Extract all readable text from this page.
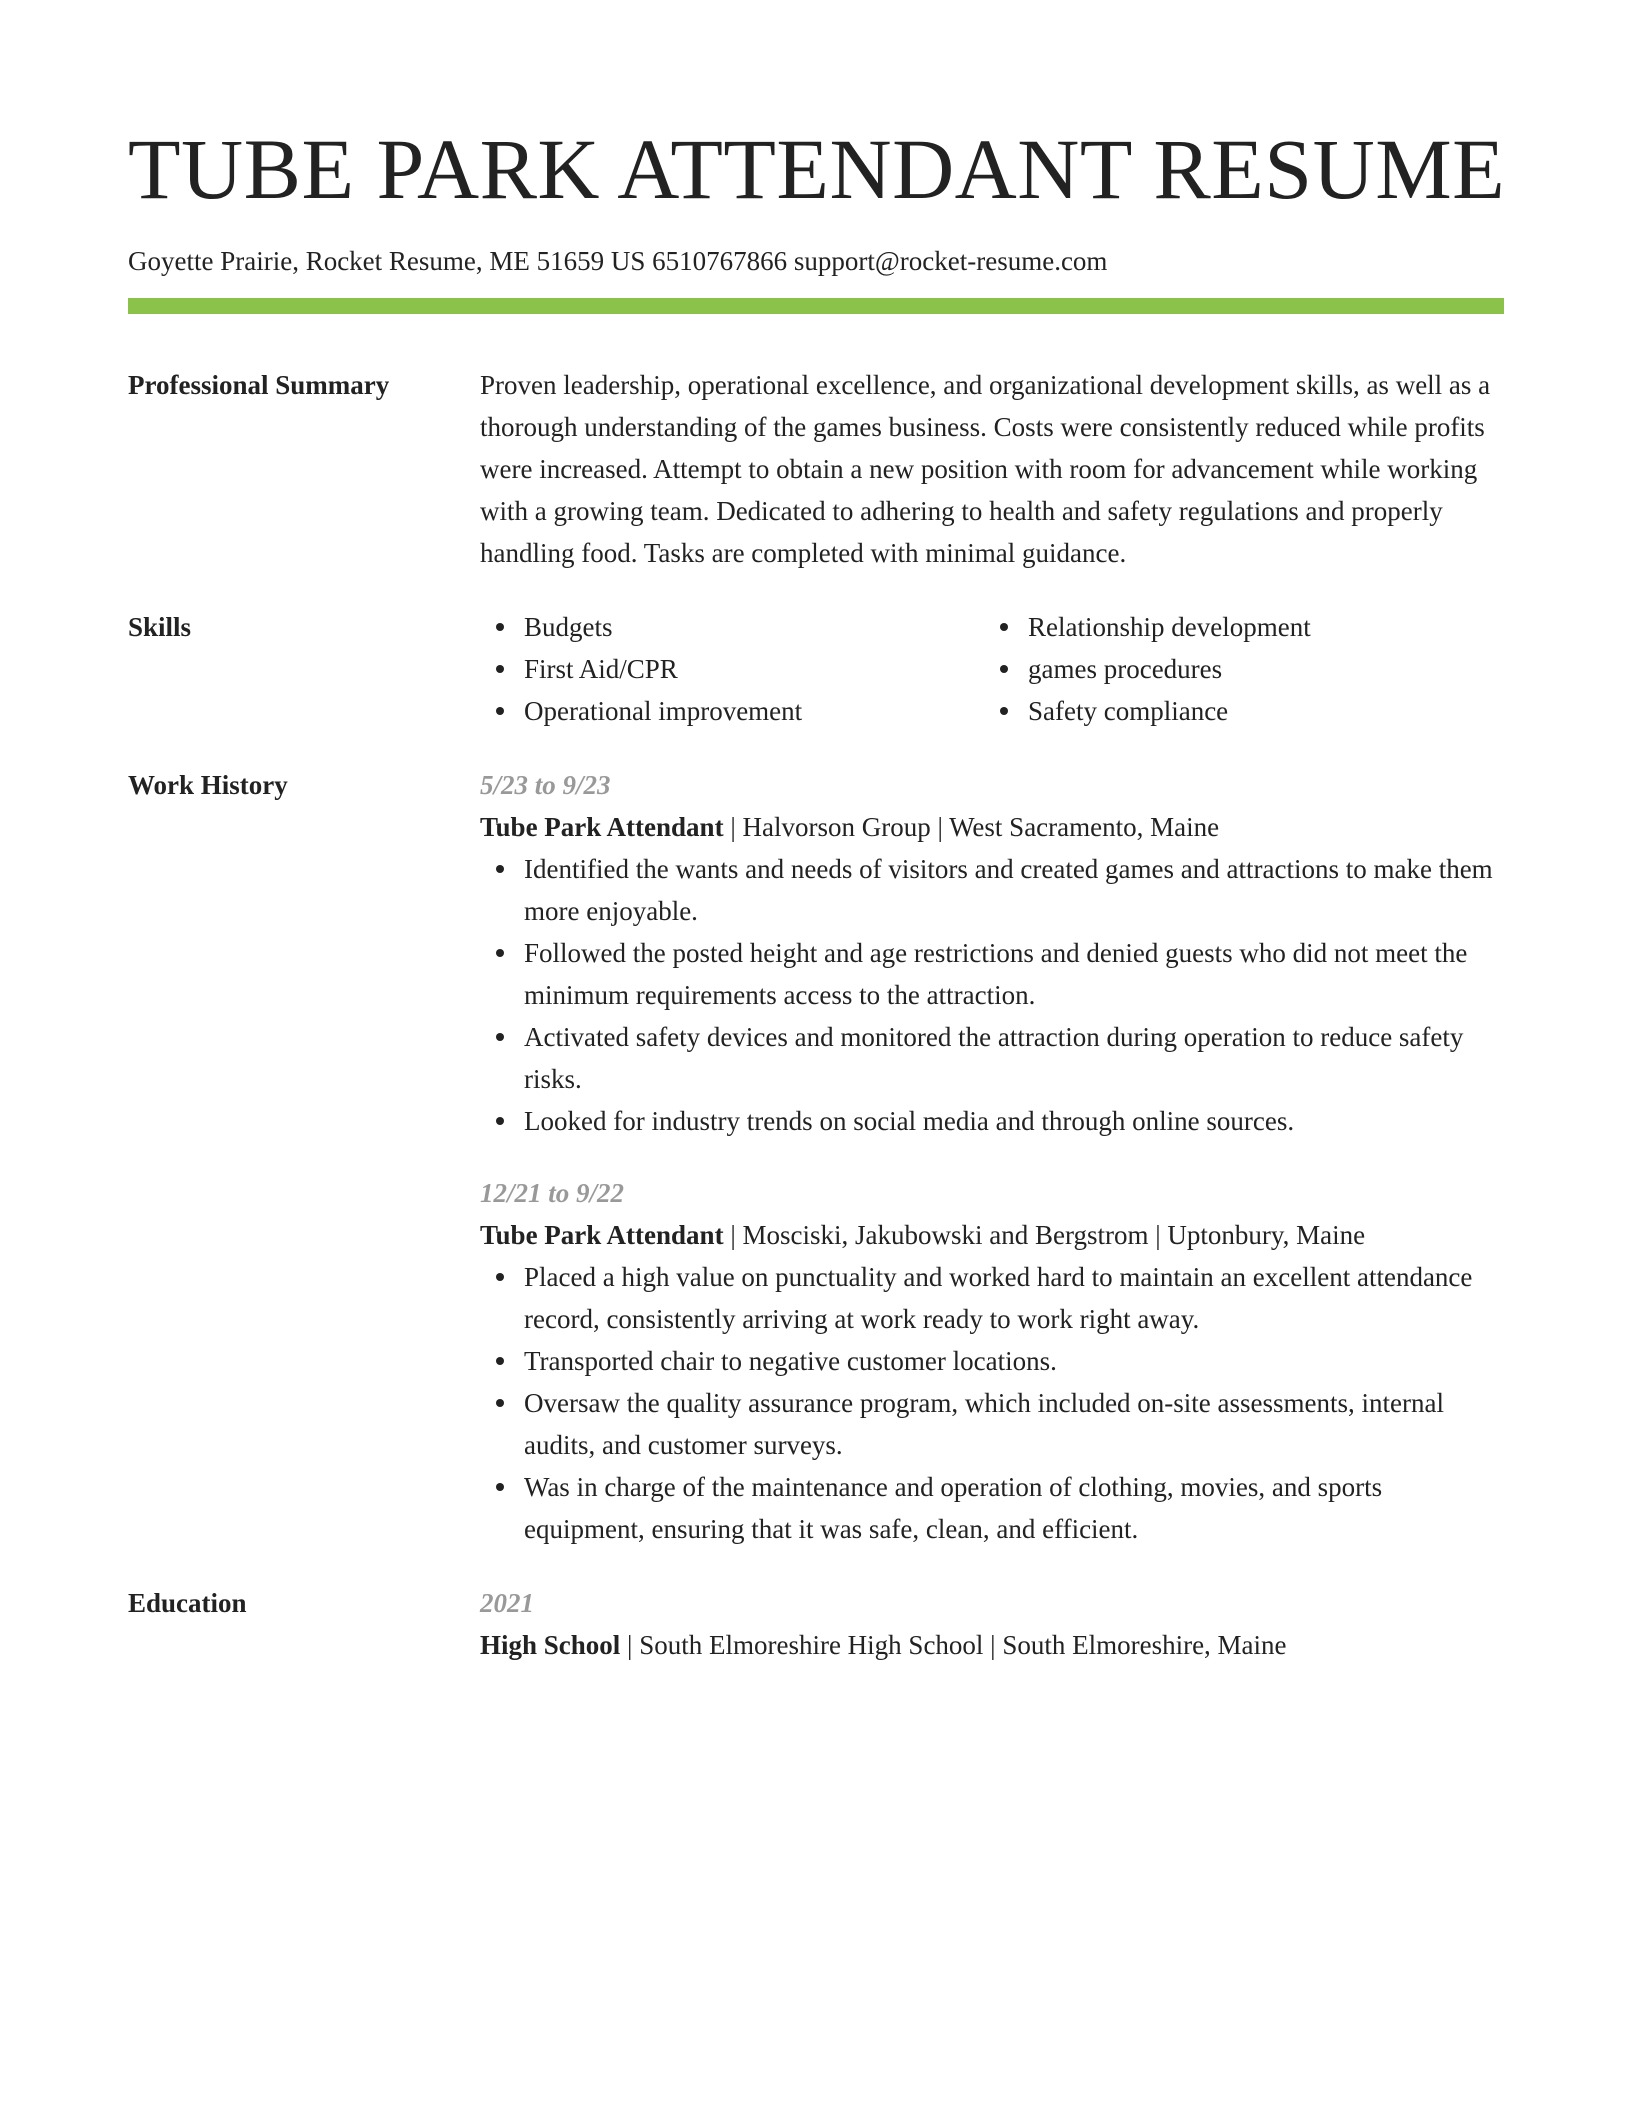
TUBE PARK ATTENDANT RESUME
Goyette Prairie, Rocket Resume, ME 51659 US 6510767866 support@rocket-resume.com
Professional Summary	Proven leadership, operational excellence, and organizational development skills, as well as a thorough understanding of the games business. Costs were consistently reduced while profits were increased. Attempt to obtain a new position with room for advancement while working with a growing team. Dedicated to adhering to health and safety regulations and properly handling food. Tasks are completed with minimal guidance.

Skills	Budgets
First Aid/CPR
Operational improvement
Relationship development
games procedures
Safety compliance
Work History	5/23 to 9/23
Tube Park Attendant | Halvorson Group | West Sacramento, Maine
Identified the wants and needs of visitors and created games and attractions to make them more enjoyable.
Followed the posted height and age restrictions and denied guests who did not meet the minimum requirements access to the attraction.
Activated safety devices and monitored the attraction during operation to reduce safety risks.
Looked for industry trends on social media and through online sources.
12/21 to 9/22
Tube Park Attendant | Mosciski, Jakubowski and Bergstrom | Uptonbury, Maine
Placed a high value on punctuality and worked hard to maintain an excellent attendance record, consistently arriving at work ready to work right away.
Transported chair to negative customer locations.
Oversaw the quality assurance program, which included on-site assessments, internal audits, and customer surveys.
Was in charge of the maintenance and operation of clothing, movies, and sports equipment, ensuring that it was safe, clean, and efficient.
Education	2021
High School | South Elmoreshire High School | South Elmoreshire, Maine
